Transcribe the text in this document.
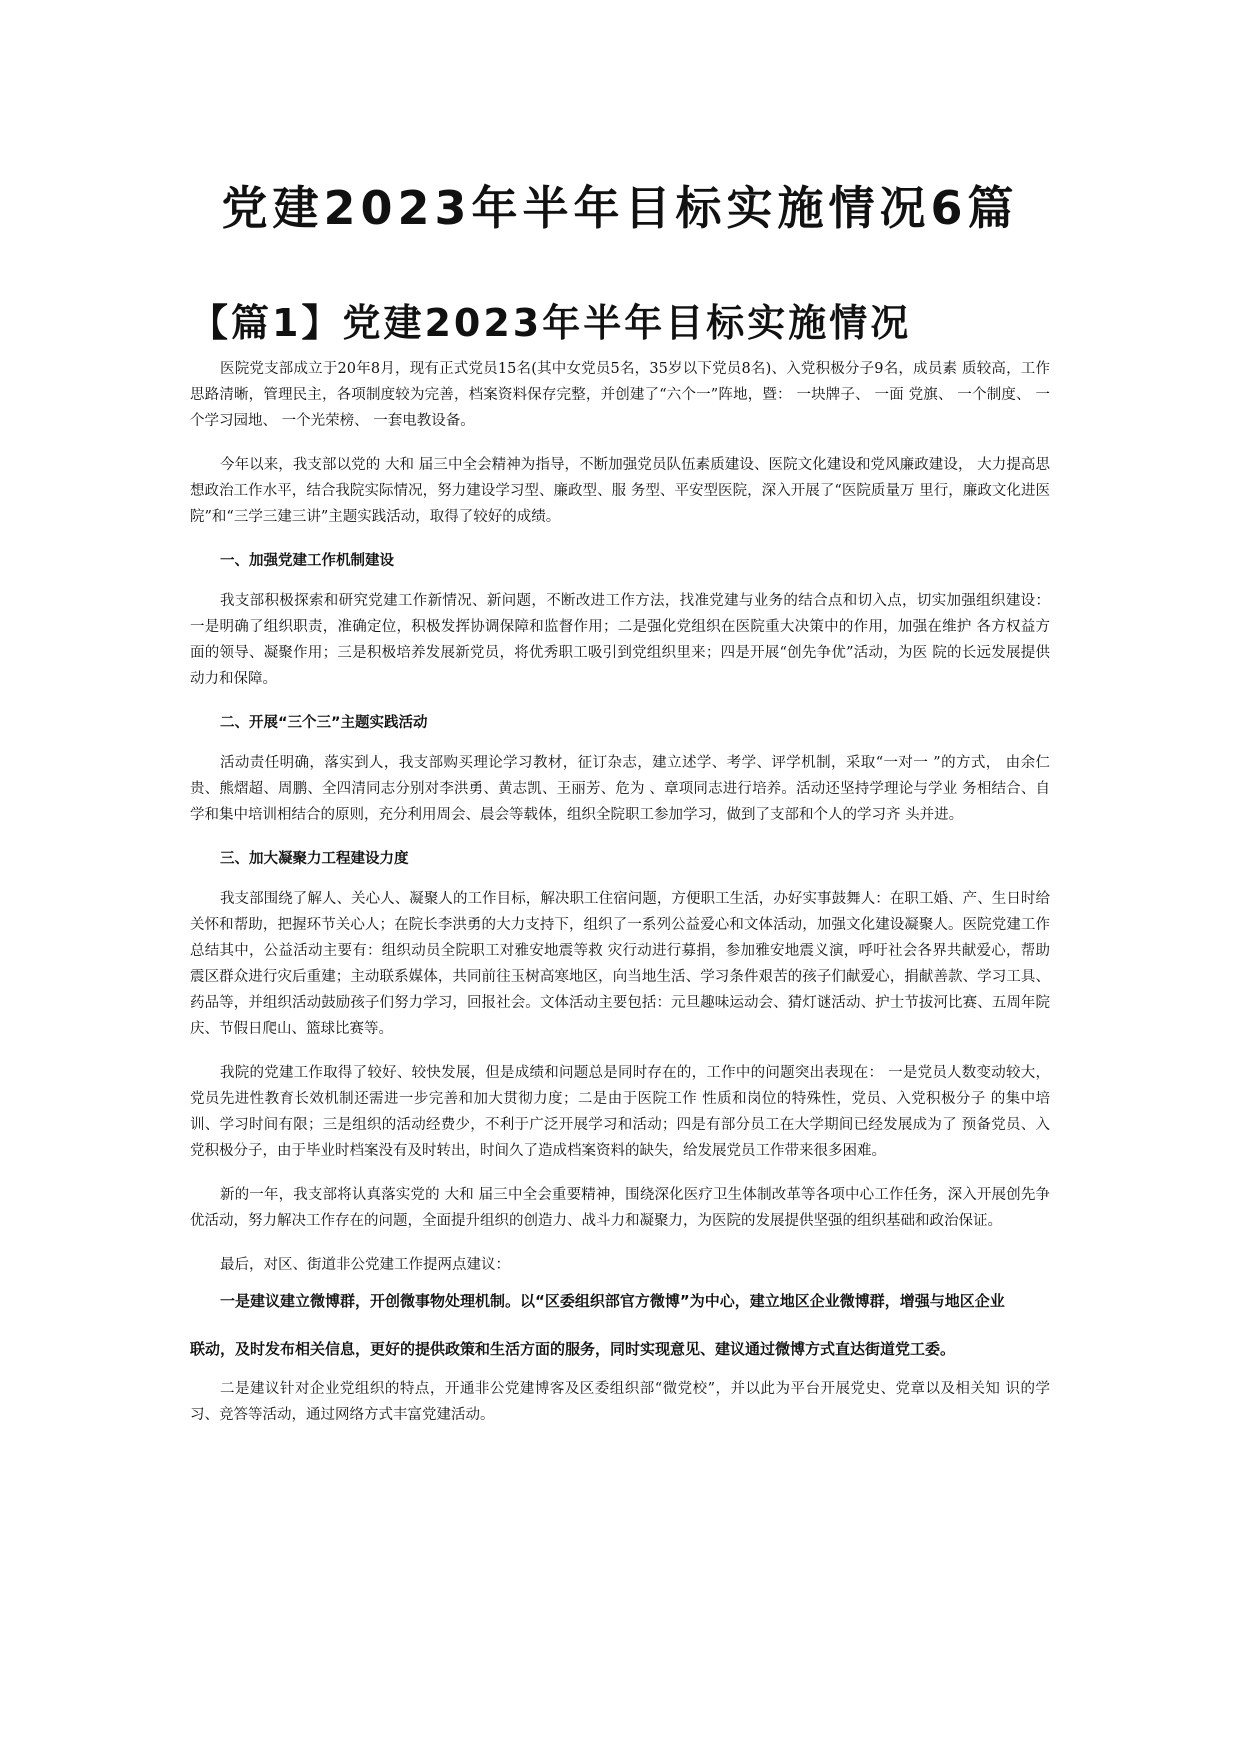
党建2023年半年目标实施情况6篇
【篇1】党建2023年半年目标实施情况

医院党支部成立于20年8月，现有正式党员15名(其中女党员5名，35岁以下党员8名)、入党积极分子9名，成员素 质较高，工作思路清晰，管理民主，各项制度较为完善，档案资料保存完整，并创建了“六个一”阵地，暨： 一块牌子、 一面 党旗、 一个制度、 一个学习园地、 一个光荣榜、 一套电教设备。

今年以来，我支部以党的 大和 届三中全会精神为指导，不断加强党员队伍素质建设、医院文化建设和党风廉政建设， 大力提高思想政治工作水平，结合我院实际情况，努力建设学习型、廉政型、服 务型、平安型医院，深入开展了“医院质量万 里行，廉政文化进医院”和“三学三建三讲”主题实践活动，取得了较好的成绩。

一、加强党建工作机制建设

我支部积极探索和研究党建工作新情况、新问题，不断改进工作方法，找准党建与业务的结合点和切入点，切实加强组织建设： 一是明确了组织职责，准确定位，积极发挥协调保障和监督作用；二是强化党组织在医院重大决策中的作用，加强在维护 各方权益方面的领导、凝聚作用；三是积极培养发展新党员，将优秀职工吸引到党组织里来；四是开展“创先争优”活动，为医 院的长远发展提供动力和保障。

二、开展“三个三”主题实践活动

活动责任明确，落实到人，我支部购买理论学习教材，征订杂志，建立述学、考学、评学机制，采取“一对一 ”的方式， 由余仁贵、熊熠超、周鹏、全四清同志分别对李洪勇、黄志凯、王丽芳、危为 、章项同志进行培养。活动还坚持学理论与学业 务相结合、自学和集中培训相结合的原则，充分利用周会、晨会等载体，组织全院职工参加学习，做到了支部和个人的学习齐 头并进。

三、加大凝聚力工程建设力度

我支部围绕了解人、关心人、凝聚人的工作目标，解决职工住宿问题，方便职工生活，办好实事鼓舞人：在职工婚、产、生日时给关怀和帮助，把握环节关心人；在院长李洪勇的大力支持下，组织了一系列公益爱心和文体活动，加强文化建设凝聚人。医院党建工作总结其中，公益活动主要有：组织动员全院职工对雅安地震等救 灾行动进行募捐，参加雅安地震义演，呼吁社会各界共献爱心，帮助震区群众进行灾后重建；主动联系媒体，共同前往玉树高寒地区，向当地生活、学习条件艰苦的孩子们献爱心，捐献善款、学习工具、药品等，并组织活动鼓励孩子们努力学习，回报社会。文体活动主要包括：元旦趣味运动会、猜灯谜活动、护士节拔河比赛、五周年院庆、节假日爬山、篮球比赛等。

我院的党建工作取得了较好、较快发展，但是成绩和问题总是同时存在的，工作中的问题突出表现在： 一是党员人数变动较大，党员先进性教育长效机制还需进一步完善和加大贯彻力度；二是由于医院工作 性质和岗位的特殊性，党员、入党积极分子 的集中培训、学习时间有限；三是组织的活动经费少，不利于广泛开展学习和活动；四是有部分员工在大学期间已经发展成为了 预备党员、入党积极分子，由于毕业时档案没有及时转出，时间久了造成档案资料的缺失，给发展党员工作带来很多困难。

新的一年，我支部将认真落实党的 大和 届三中全会重要精神，围绕深化医疗卫生体制改革等各项中心工作任务，深入开展创先争优活动，努力解决工作存在的问题，全面提升组织的创造力、战斗力和凝聚力，为医院的发展提供坚强的组织基础和政治保证。

最后，对区、街道非公党建工作提两点建议：

一是建议建立微博群，开创微事物处理机制。以“区委组织部官方微博”为中心，建立地区企业微博群，增强与地区企业

联动，及时发布相关信息，更好的提供政策和生活方面的服务，同时实现意见、建议通过微博方式直达街道党工委。

二是建议针对企业党组织的特点，开通非公党建博客及区委组织部“微党校”，并以此为平台开展党史、党章以及相关知 识的学习、竞答等活动，通过网络方式丰富党建活动。
